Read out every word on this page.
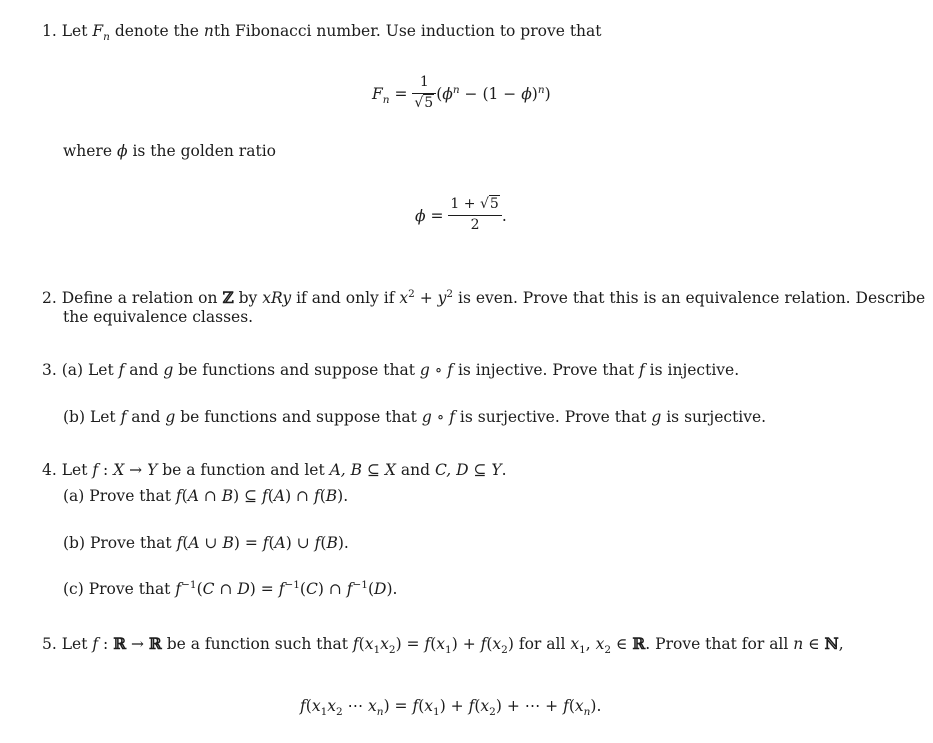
1. Let $F_n$ denote the nth Fibonacci number. Use induction to prove that
$F_n = \frac{1}{√5} (\phi^n - (1 - \phi)^n)$
where ϕ is the golden ratio
$\phi = \frac{1 + √5}{2}$ .
2. Define a relation on ℤ by xRy if and only if $x^2 + y^2$ is even. Prove that this is an equivalence relation. Describe
the equivalence classes.
3. (a) Let f and g be functions and suppose that g ∘ f is injective. Prove that f is injective.
(b) Let f and g be functions and suppose that g ∘ f is surjective. Prove that g is surjective.
4. Let f : X → Y be a function and let A, B ⊆ X and C, D ⊆ Y.
(a) Prove that f(A ∩ B) ⊆ f(A) ∩ f(B).
(b) Prove that f(A ∪ B) = f(A) ∪ f(B).
(c) Prove that $f^{-1}(C$ ∩ $D) = f^{-1}(C)$ ∩ $f^{-1}(D)$.
5. Let f : ℝ → ℝ be a function such that $f(x_1x_2) = f(x_1) + f(x_2)$ for all $x_1$, $x_2$ ∈ ℝ. Prove that for all n ∈ ℕ,
$f(x_1x_2$ ⋯ $x_n) = f(x_1) + f(x_2)$ + ⋯ + $f(x_n)$.
